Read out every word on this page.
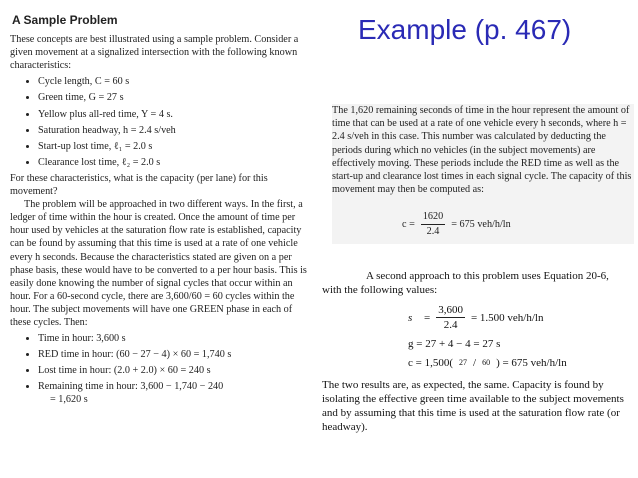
A Sample Problem

These concepts are best illustrated using a sample problem. Consider a given movement at a signalized intersection with the following known characteristics:

• Cycle length, C = 60 s
• Green time, G = 27 s
• Yellow plus all-red time, Y = 4 s.
• Saturation headway, h = 2.4 s/veh
• Start-up lost time, ℓ₁ = 2.0 s
• Clearance lost time, ℓ₂ = 2.0 s

For these characteristics, what is the capacity (per lane) for this movement?

The problem will be approached in two different ways. In the first, a ledger of time within the hour is created. Once the amount of time per hour used by vehicles at the saturation flow rate is established, capacity can be found by assuming that this time is used at a rate of one vehicle every h seconds. Because the characteristics stated are given on a per phase basis, these would have to be converted to a per hour basis. This is easily done knowing the number of signal cycles that occur within an hour. For a 60-second cycle, there are 3,600/60 = 60 cycles within the hour. The subject movements will have one GREEN phase in each of these cycles. Then:

• Time in hour: 3,600 s
• RED time in hour: (60 − 27 − 4) × 60 = 1,740 s
• Lost time in hour: (2.0 + 2.0) × 60 = 240 s
• Remaining time in hour: 3,600 − 1,740 − 240
= 1,620 s
Example (p. 467)

The 1,620 remaining seconds of time in the hour represent the amount of time that can be used at a rate of one vehicle every h seconds, where h = 2.4 s/veh in this case. This number was calculated by deducting the periods during which no vehicles (in the subject movements) are effectively moving. These periods include the RED time as well as the start-up and clearance lost times in each signal cycle. The capacity of this movement may then be computed as:

$c = \frac{1620}{2.4} = 675$ veh/h/ln

A second approach to this problem uses Equation 20-6, with the following values:

s	= $\frac{3,600}{2.4} = 1.500$ veh/h/ln
g = 27 + 4 − 4 = 27 s
c = 1,500( 27 / 60 ) = 675 veh/h/ln

The two results are, as expected, the same. Capacity is found by isolating the effective green time available to the subject movements and by assuming that this time is used at the saturation flow rate (or headway).
